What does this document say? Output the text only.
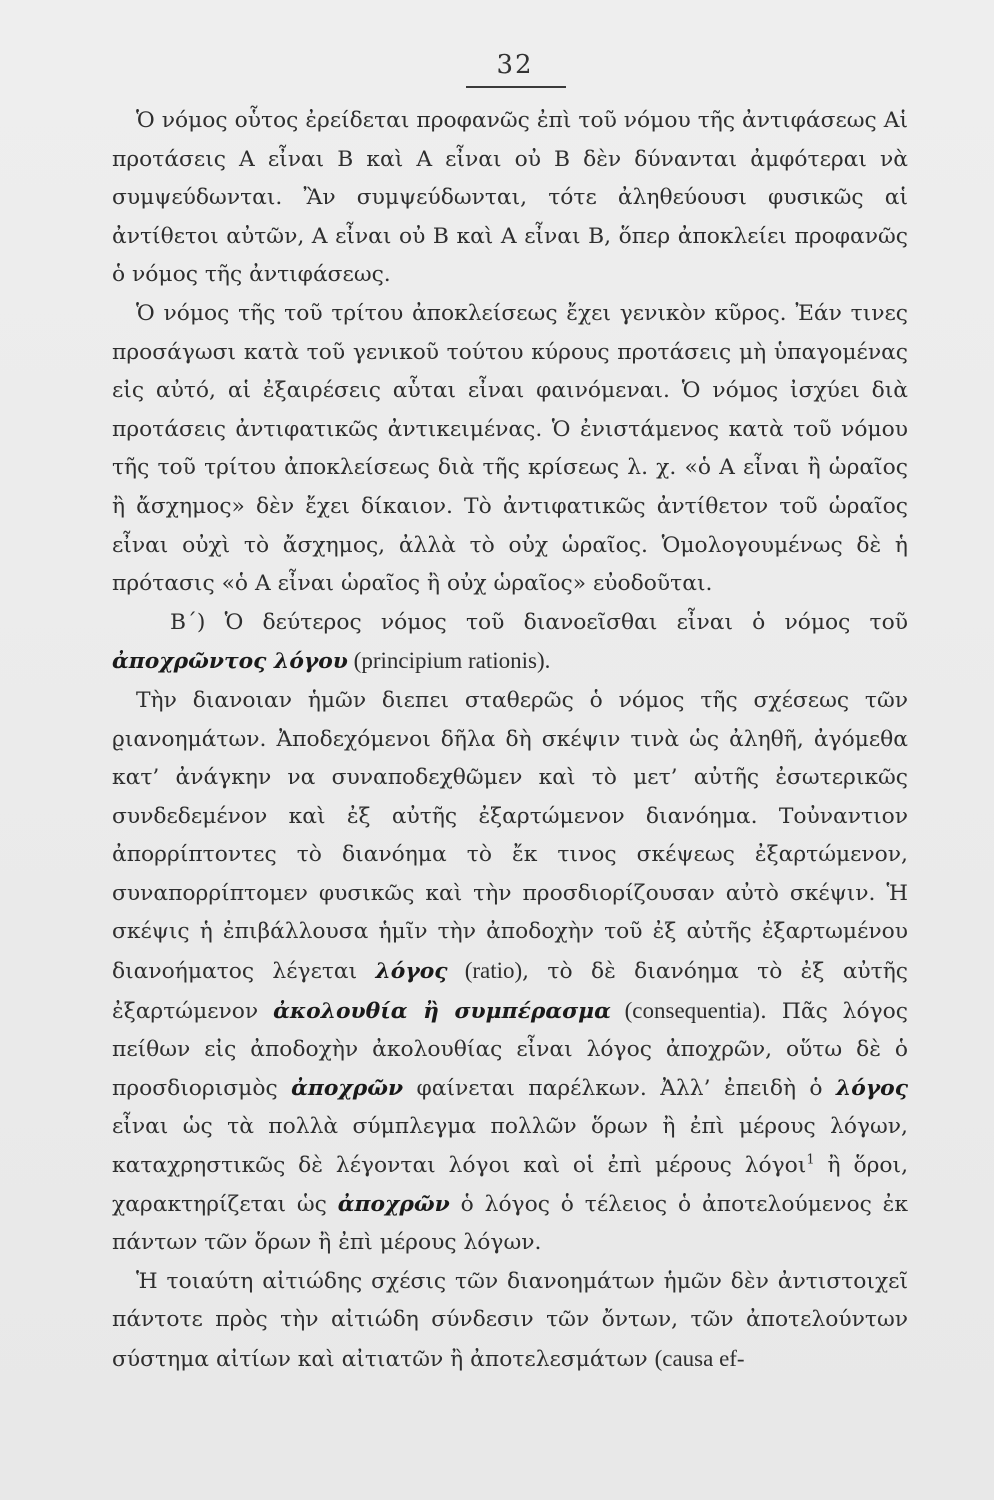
32

Ὁ νόμος οὗτος ἐρείδεται προφανῶς ἐπὶ τοῦ νόμου τῆς ἀντιφάσεως Αἱ προτάσεις Α εἶναι Β καὶ Α εἶναι οὐ Β δὲν δύνανται ἀμφότεραι νὰ συμψεύδωνται. Ἂν συμψεύδωνται, τότε ἀληθεύουσι φυσικῶς αἱ ἀντίθετοι αὐτῶν, Α εἶναι οὐ Β καὶ Α εἶναι Β, ὅπερ ἀποκλείει προφανῶς ὁ νόμος τῆς ἀντιφάσεως.

Ὁ νόμος τῆς τοῦ τρίτου ἀποκλείσεως ἔχει γενικὸν κῦρος. Ἐάν τινες προσάγωσι κατὰ τοῦ γενικοῦ τούτου κύρους προτάσεις μὴ ὑπαγομένας εἰς αὐτό, αἱ ἐξαιρέσεις αὗται εἶναι φαινόμεναι. Ὁ νόμος ἰσχύει διὰ προτάσεις ἀντιφατικῶς ἀντικειμένας. Ὁ ἐνιστάμενος κατὰ τοῦ νόμου τῆς τοῦ τρίτου ἀποκλείσεως διὰ τῆς κρίσεως λ. χ. «ὁ Α εἶναι ἢ ὡραῖος ἢ ἄσχημος» δὲν ἔχει δίκαιον. Τὸ ἀντιφατικῶς ἀντίθετον τοῦ ὡραῖος εἶναι οὐχὶ τὸ ἄσχημος, ἀλλὰ τὸ οὐχ ὡραῖος. Ὁμολογουμένως δὲ ἡ πρότασις «ὁ Α εἶναι ὡραῖος ἢ οὐχ ὡραῖος» εὐοδοῦται.

Β΄) Ὁ δεύτερος νόμος τοῦ διανοεῖσθαι εἶναι ὁ νόμος τοῦ ἀποχρῶντος λόγου (principium rationis).

Τὴν διανοιαν ἡμῶν διεπει σταθερῶς ὁ νόμος τῆς σχέσεως τῶν ϱιανοημάτων. Ἀποδεχόμενοι δῆλα δὴ σκέψιν τινὰ ὡς ἀληθῆ, ἀγόμεθα κατ’ ἀνάγκην να συναποδεχθῶμεν καὶ τὸ μετ’ αὐτῆς ἐσωτερικῶς συνδεδεμένον καὶ ἐξ αὐτῆς ἐξαρτώμενον διανόημα. Τοὐναντιον ἀπορρίπτοντες τὸ διανόημα τὸ ἔκ τινος σκέψεως ἐξαρτώμενον, συναπορρίπτομεν φυσικῶς καὶ τὴν προσδιορίζουσαν αὐτὸ σκέψιν. Ἡ σκέψις ἡ ἐπιβάλλουσα ἡμῖν τὴν ἀποδοχὴν τοῦ ἐξ αὐτῆς ἐξαρτωμένου διανοήματος λέγεται λόγος (ratio), τὸ δὲ διανόημα τὸ ἐξ αὐτῆς ἐξαρτώμενον ἀκολουθία ἢ συμπέρασμα (consequentia). Πᾶς λόγος πείθων εἰς ἀποδοχὴν ἀκολουθίας εἶναι λόγος ἀποχρῶν, οὕτω δὲ ὁ προσδιορισμὸς ἀποχρῶν φαίνεται παρέλκων. Ἀλλ’ ἐπειδὴ ὁ λόγος εἶναι ὡς τὰ πολλὰ σύμπλεγμα πολλῶν ὅρων ἢ ἐπὶ μέρους λόγων, καταχρηστικῶς δὲ λέγονται λόγοι καὶ οἱ ἐπὶ μέρους λόγοι$^1$ ἢ ὅροι, χαρακτηρίζεται ὡς ἀποχρῶν ὁ λόγος ὁ τέλειος ὁ ἀποτελούμενος ἐκ πάντων τῶν ὅρων ἢ ἐπὶ μέρους λόγων.

Ἡ τοιαύτη αἰτιώδης σχέσις τῶν διανοημάτων ἡμῶν δὲν ἀντιστοιχεῖ πάντοτε πρὸς τὴν αἰτιώδη σύνδεσιν τῶν ὄντων, τῶν ἀποτελούντων σύστημα αἰτίων καὶ αἰτιατῶν ἢ ἀποτελεσμάτων (causa ef-
